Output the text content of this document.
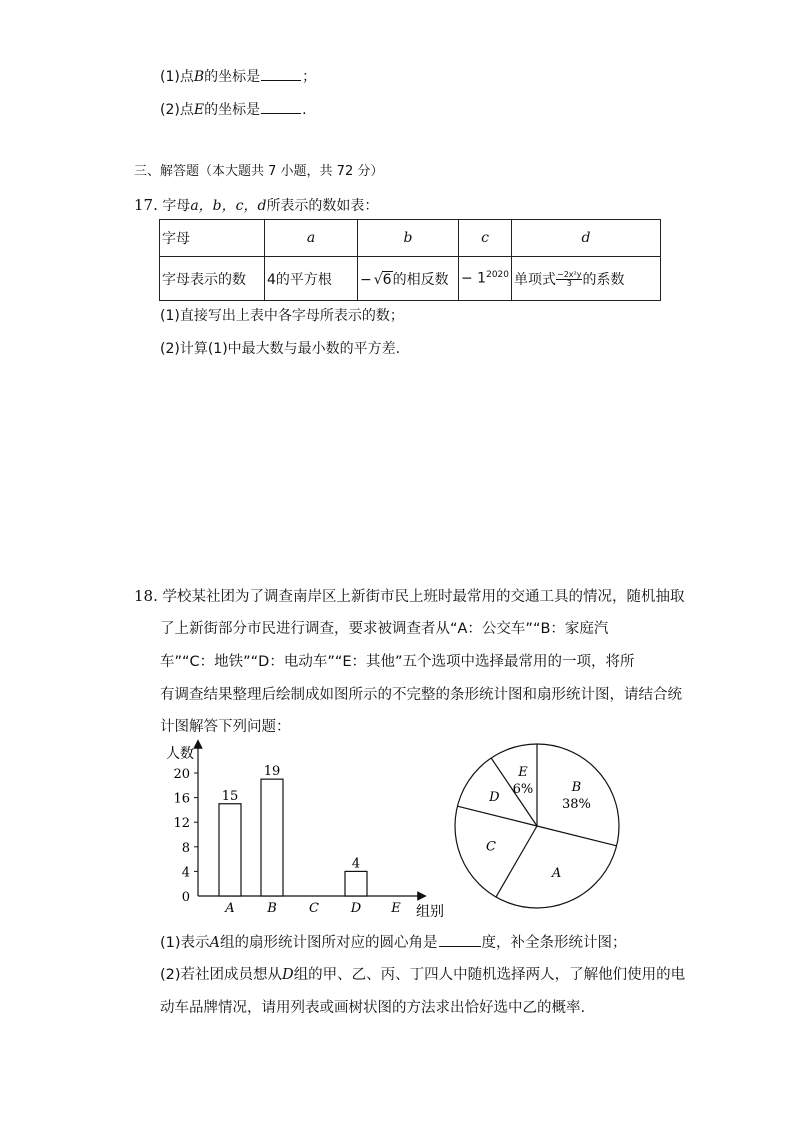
(1)点B的坐标是	；
(2)点E的坐标是	.
三、解答题（本大题共 7 小题，共 72 分）
17. 字母a，b，c，d所表示的数如表：
字母	a	b	c	d
字母表示的数	4的平方根	− √6的相反数	− $1^{2020}$	单项式 $\frac{\text{−2x²y}}{3}$ 的系数
(1)直接写出上表中各字母所表示的数；
(2)计算(1)中最大数与最小数的平方差.
18. 学校某社团为了调查南岸区上新街市民上班时最常用的交通工具的情况，随机抽取
了上新街部分市民进行调查，要求被调查者从“A：公交车”“B：家庭汽
车”“C：地铁”“D：电动车”“E：其他”五个选项中选择最常用的一项，将所
有调查结果整理后绘制成如图所示的不完整的条形统计图和扇形统计图，请结合统
计图解答下列问题：
人数
组别
0
4
8
12
16
20
A
15
B
19
C D
4
E
B
38%
A
C
D
E
6%
(1)表示A组的扇形统计图所对应的圆心角是	度，补全条形统计图；
(2)若社团成员想从D组的甲、乙、丙、丁四人中随机选择两人，了解他们使用的电
动车品牌情况，请用列表或画树状图的方法求出恰好选中乙的概率.
